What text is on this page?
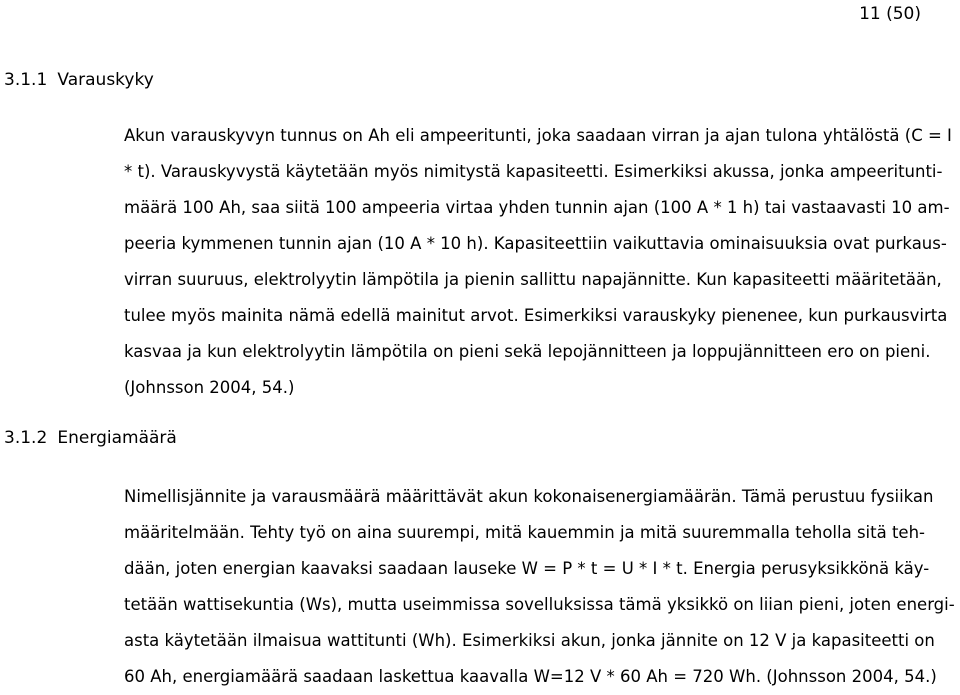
11 (50)
3.1.1 Varauskyky
Akun varauskyvyn tunnus on Ah eli ampeeritunti, joka saadaan virran ja ajan tulona yhtälöstä (C = I
* t). Varauskyvystä käytetään myös nimitystä kapasiteetti. Esimerkiksi akussa, jonka ampeeritunti-
määrä 100 Ah, saa siitä 100 ampeeria virtaa yhden tunnin ajan (100 A * 1 h) tai vastaavasti 10 am-
peeria kymmenen tunnin ajan (10 A * 10 h). Kapasiteettiin vaikuttavia ominaisuuksia ovat purkaus-
virran suuruus, elektrolyytin lämpötila ja pienin sallittu napajännitte. Kun kapasiteetti määritetään,
tulee myös mainita nämä edellä mainitut arvot. Esimerkiksi varauskyky pienenee, kun purkausvirta
kasvaa ja kun elektrolyytin lämpötila on pieni sekä lepojännitteen ja loppujännitteen ero on pieni.
(Johnsson 2004, 54.)
3.1.2 Energiamäärä
Nimellisjännite ja varausmäärä määrittävät akun kokonaisenergiamäärän. Tämä perustuu fysiikan
määritelmään. Tehty työ on aina suurempi, mitä kauemmin ja mitä suuremmalla teholla sitä teh-
dään, joten energian kaavaksi saadaan lauseke W = P * t = U * I * t. Energia perusyksikkönä käy-
tetään wattisekuntia (Ws), mutta useimmissa sovelluksissa tämä yksikkö on liian pieni, joten energi-
asta käytetään ilmaisua wattitunti (Wh). Esimerkiksi akun, jonka jännite on 12 V ja kapasiteetti on
60 Ah, energiamäärä saadaan laskettua kaavalla W=12 V * 60 Ah = 720 Wh. (Johnsson 2004, 54.)
